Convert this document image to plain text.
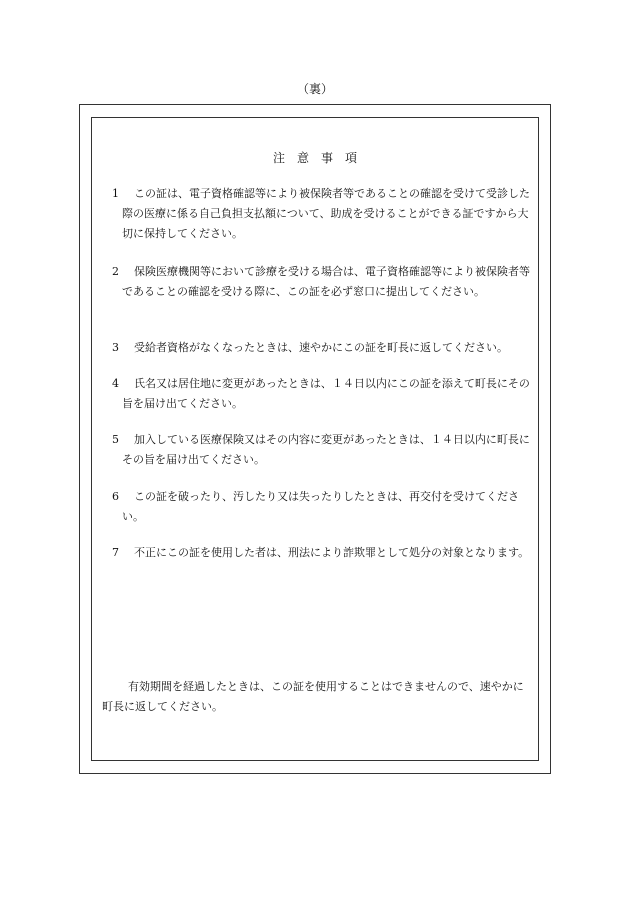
（裏）
注　意　事　項
1 この証は、電子資格確認等により被保険者等であることの確認を受けて受診した際の医療に係る自己負担支払額について、助成を受けることができる証ですから大切に保持してください。
2 保険医療機関等において診療を受ける場合は、電子資格確認等により被保険者等であることの確認を受ける際に、この証を必ず窓口に提出してください。
3 受給者資格がなくなったときは、速やかにこの証を町長に返してください。
4 氏名又は居住地に変更があったときは、１４日以内にこの証を添えて町長にその旨を届け出てください。
5 加入している医療保険又はその内容に変更があったときは、１４日以内に町長にその旨を届け出てください。
6 この証を破ったり、汚したり又は失ったりしたときは、再交付を受けてください。
7 不正にこの証を使用した者は、刑法により詐欺罪として処分の対象となります。
有効期間を経過したときは、この証を使用することはできませんので、速やかに町長に返してください。
